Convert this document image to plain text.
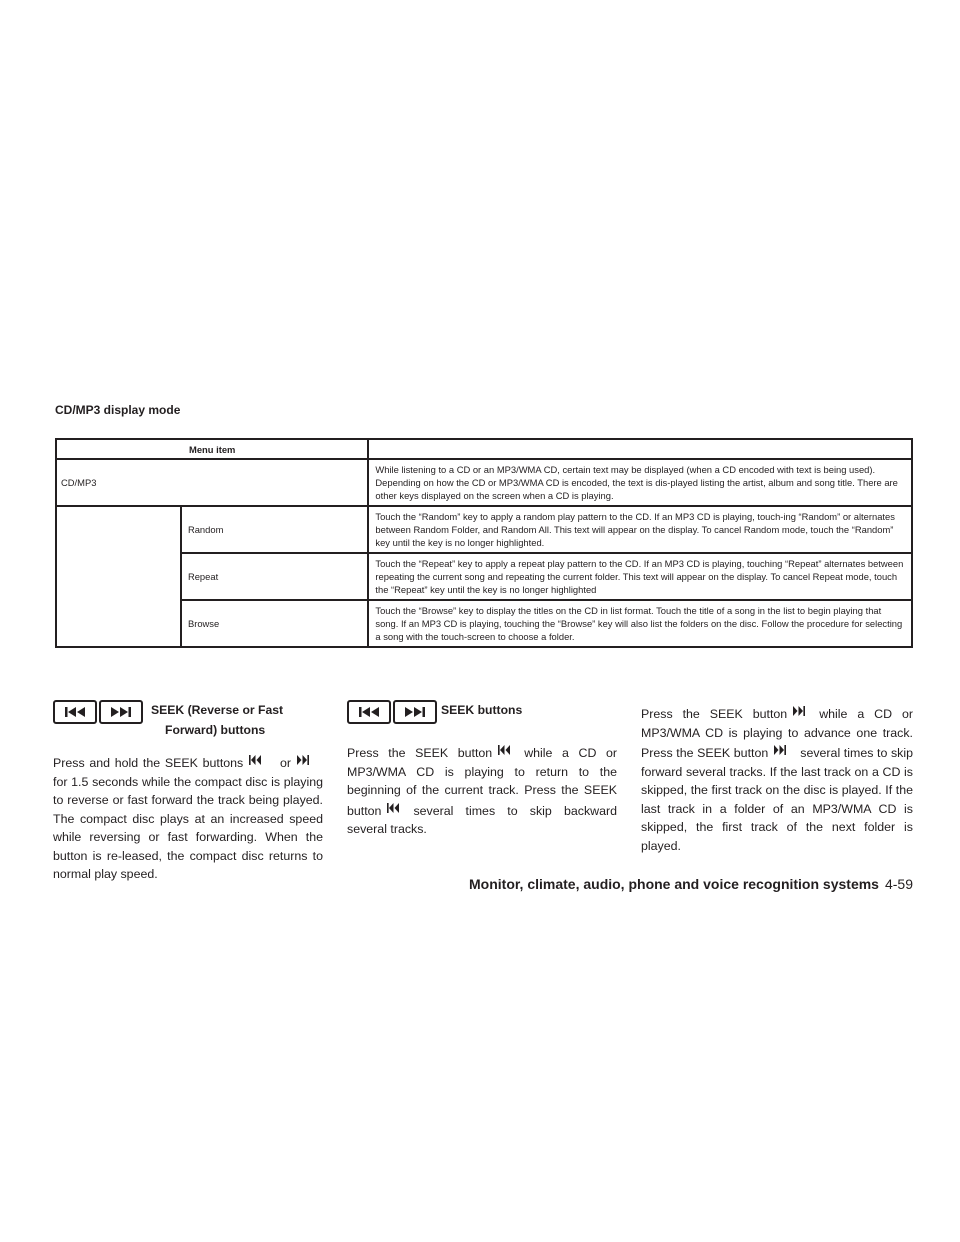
CD/MP3 display mode
Menu item		
CD/MP3		While listening to a CD or an MP3/WMA CD, certain text may be displayed (when a CD encoded with text is being used). Depending on how the CD or MP3/WMA CD is encoded, the text is dis-played listing the artist, album and song title. There are other keys displayed on the screen when a CD is playing.
	Random	Touch the “Random” key to apply a random play pattern to the CD. If an MP3 CD is playing, touch-ing “Random” or alternates between Random Folder, and Random All. This text will appear on the display. To cancel Random mode, touch the “Random” key until the key is no longer highlighted.
	Repeat	Touch the “Repeat” key to apply a repeat play pattern to the CD. If an MP3 CD is playing, touching “Repeat” alternates between repeating the current song and repeating the current folder. This text will appear on the display. To cancel Repeat mode, touch the “Repeat” key until the key is no longer highlighted
	Browse	Touch the “Browse” key to display the titles on the CD in list format. Touch the title of a song in the list to begin playing that song. If an MP3 CD is playing, touching the “Browse” key will also list the folders on the disc. Follow the procedure for selecting a song with the touch-screen to choose a folder.
SEEK (Reverse or Fast
Forward) buttons
Press and hold the SEEK buttons	orfor 1.5 seconds while the compact disc is playing to reverse or fast forward the track being played. The compact disc plays at an increased speed while reversing or fast forwarding. When the button is re-leased, the compact disc returns to normal play speed.
SEEK buttons
Press the SEEK button	while a CD or MP3/WMA CD is playing to return to the beginning of the current track. Press the SEEK button	several times to skip backward several tracks.
Press the SEEK button	while a CD or MP3/WMA CD is playing to advance one track. Press the SEEK button	several times to skip forward several tracks. If the last track on a CD is skipped, the first track on the disc is played. If the last track in a folder of an MP3/WMA CD is skipped, the first track of the next folder is played.
Monitor, climate, audio, phone and voice recognition systems 4-59
